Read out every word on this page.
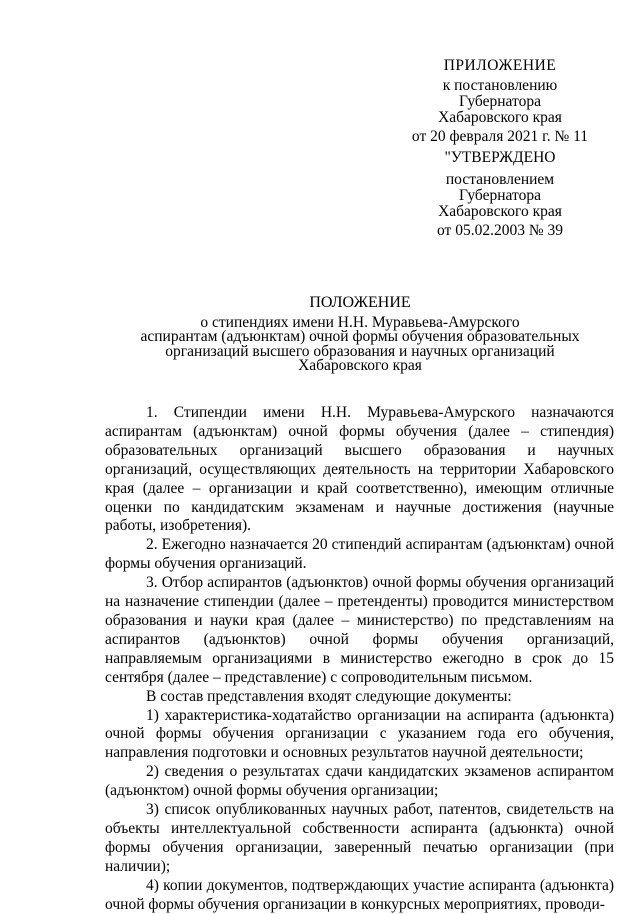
ПРИЛОЖЕНИЕ
к постановлению
Губернатора
Хабаровского края
от 20 февраля 2021 г. № 11
"УТВЕРЖДЕНО
постановлением
Губернатора
Хабаровского края
от 05.02.2003 № 39
ПОЛОЖЕНИЕ
о стипендиях имени Н.Н. Муравьева-Амурского
аспирантам (адъюнктам) очной формы обучения образовательных
организаций высшего образования и научных организаций
Хабаровского края

1. Стипендии имени Н.Н. Муравьева-Амурского назначаются аспирантам (адъюнктам) очной формы обучения (далее – стипендия) образовательных организаций высшего образования и научных организаций, осуществляющих деятельность на территории Хабаровского края (далее – организации и край соответственно), имеющим отличные оценки по кандидатским экзаменам и научные достижения (научные работы, изобретения).

2. Ежегодно назначается 20 стипендий аспирантам (адъюнктам) очной формы обучения организаций.

3. Отбор аспирантов (адъюнктов) очной формы обучения организаций на назначение стипендии (далее – претенденты) проводится министерством образования и науки края (далее – министерство) по представлениям на аспирантов (адъюнктов) очной формы обучения организаций, направляемым организациями в министерство ежегодно в срок до 15 сентября (далее – представление) с сопроводительным письмом.

В состав представления входят следующие документы:

1) характеристика-ходатайство организации на аспиранта (адъюнкта) очной формы обучения организации с указанием года его обучения, направления подготовки и основных результатов научной деятельности;

2) сведения о результатах сдачи кандидатских экзаменов аспирантом (адъюнктом) очной формы обучения организации;

3) список опубликованных научных работ, патентов, свидетельств на объекты интеллектуальной собственности аспиранта (адъюнкта) очной формы обучения организации, заверенный печатью организации (при наличии);

4) копии документов, подтверждающих участие аспиранта (адъюнкта) очной формы обучения организации в конкурсных мероприятиях, проводи-
